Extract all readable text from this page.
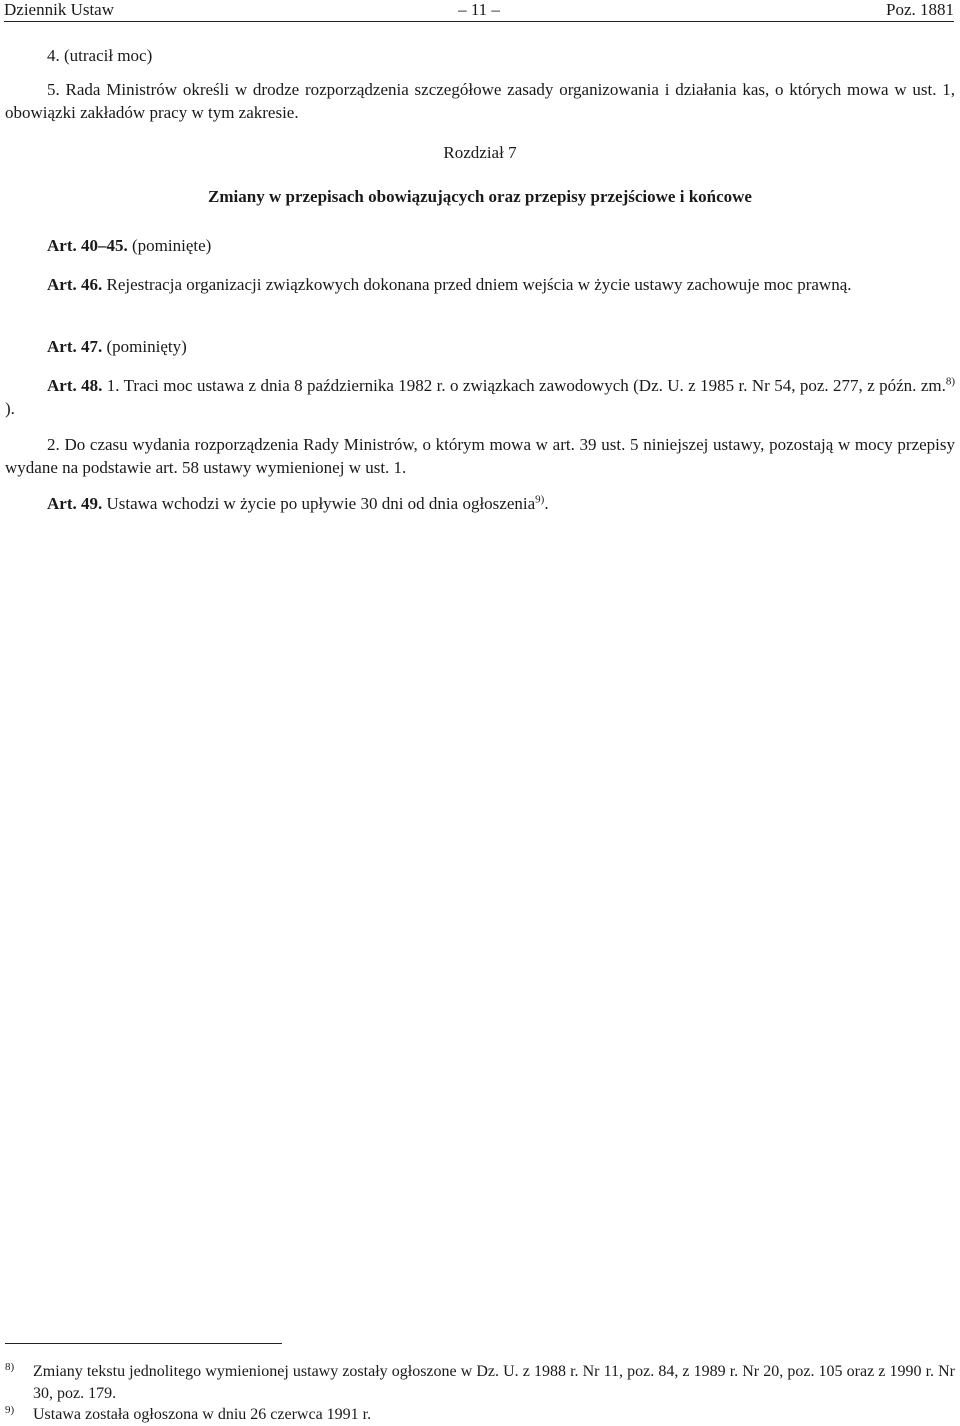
Dziennik Ustaw	– 11 –	Poz. 1881
4. (utracił moc)
5. Rada Ministrów określi w drodze rozporządzenia szczegółowe zasady organizowania i działania kas, o których mowa w ust. 1, obowiązki zakładów pracy w tym zakresie.
Rozdział 7
Zmiany w przepisach obowiązujących oraz przepisy przejściowe i końcowe
Art. 40–45. (pominięte)
Art. 46. Rejestracja organizacji związkowych dokonana przed dniem wejścia w życie ustawy zachowuje moc prawną.
Art. 47. (pominięty)
Art. 48. 1. Traci moc ustawa z dnia 8 października 1982 r. o związkach zawodowych (Dz. U. z 1985 r. Nr 54, poz. 277, z późn. zm.$^{8)}$ ).
2. Do czasu wydania rozporządzenia Rady Ministrów, o którym mowa w art. 39 ust. 5 niniejszej ustawy, pozostają w mocy przepisy wydane na podstawie art. 58 ustawy wymienionej w ust. 1.
Art. 49. Ustawa wchodzi w życie po upływie 30 dni od dnia ogłoszenia$^{9)}$.
8) Zmiany tekstu jednolitego wymienionej ustawy zostały ogłoszone w Dz. U. z 1988 r. Nr 11, poz. 84, z 1989 r. Nr 20, poz. 105 oraz z 1990 r. Nr 30, poz. 179.
9) Ustawa została ogłoszona w dniu 26 czerwca 1991 r.
